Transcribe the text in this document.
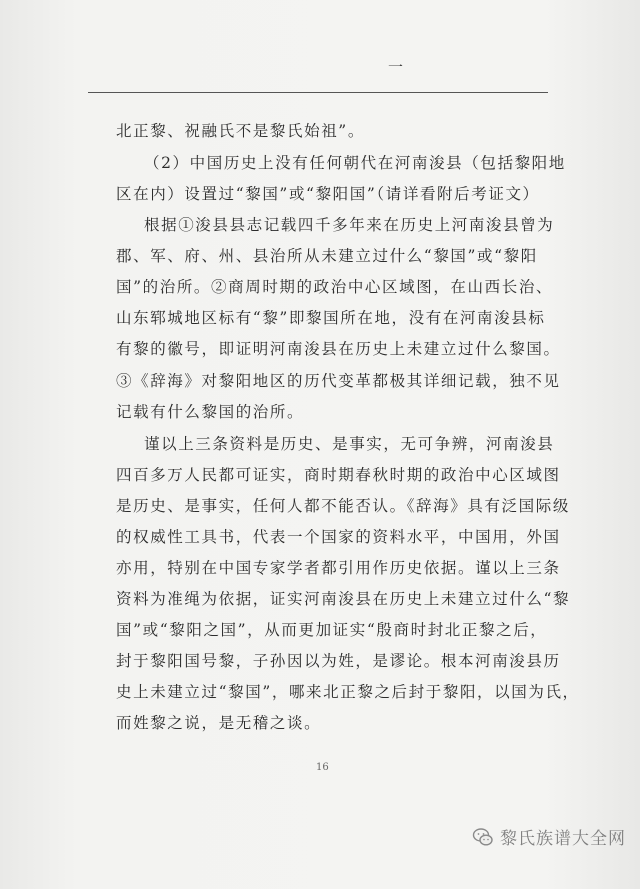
一
北正黎、祝融氏不是黎氏始祖”。
（2）中国历史上没有任何朝代在河南浚县（包括黎阳地
区在内）设置过“黎国”或“黎阳国”（请详看附后考证文）
根据①浚县县志记载四千多年来在历史上河南浚县曾为
郡、军、府、州、县治所从未建立过什么“黎国”或“黎阳
国”的治所。②商周时期的政治中心区域图，在山西长治、
山东郓城地区标有“黎”即黎国所在地，没有在河南浚县标
有黎的徽号，即证明河南浚县在历史上未建立过什么黎国。
③《辞海》对黎阳地区的历代变革都极其详细记载，独不见
记载有什么黎国的治所。
谨以上三条资料是历史、是事实，无可争辨，河南浚县
四百多万人民都可证实，商时期春秋时期的政治中心区域图
是历史、是事实，任何人都不能否认。《辞海》具有泛国际级
的权威性工具书，代表一个国家的资料水平，中国用，外国
亦用，特别在中国专家学者都引用作历史依据。谨以上三条
资料为准绳为依据，证实河南浚县在历史上未建立过什么“黎
国”或“黎阳之国”，从而更加证实“殷商时封北正黎之后，
封于黎阳国号黎，子孙因以为姓，是谬论。根本河南浚县历
史上未建立过“黎国”，哪来北正黎之后封于黎阳，以国为氏，
而姓黎之说，是无稽之谈。
16
黎氏族谱大全网
